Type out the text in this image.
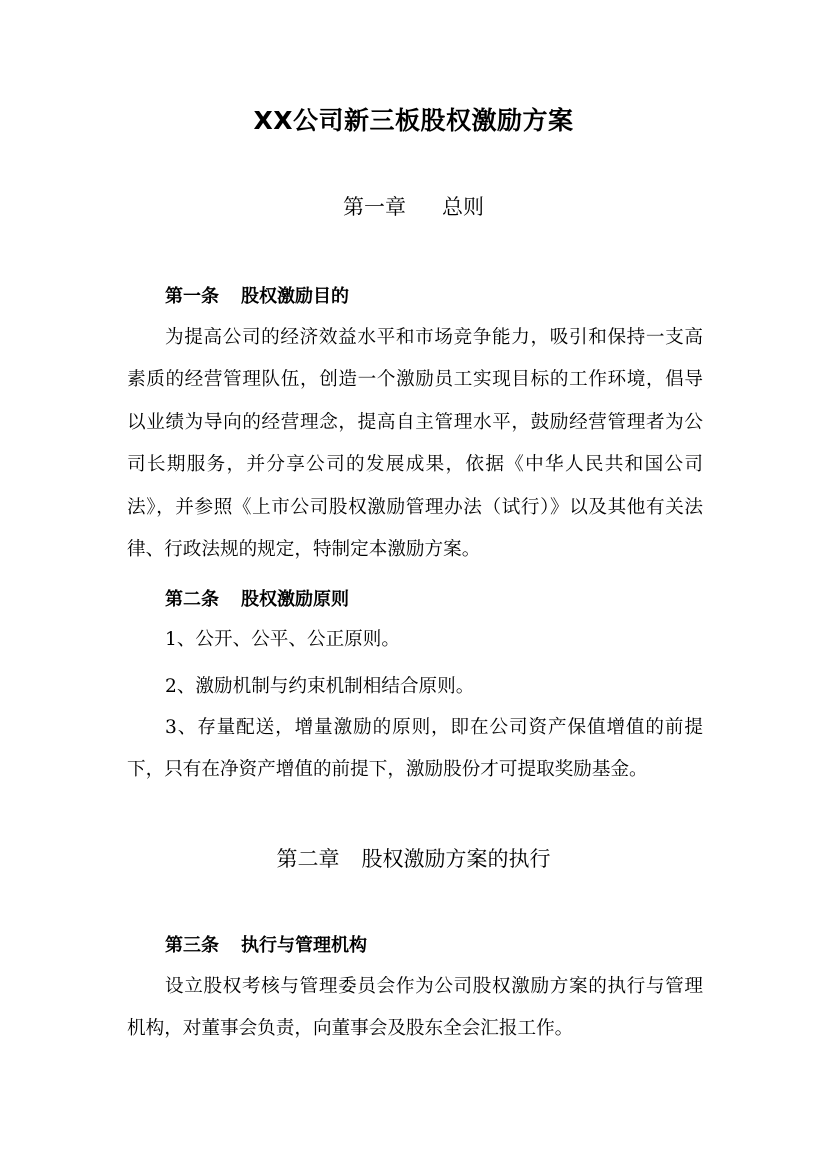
XX公司新三板股权激励方案
第一章 总则
第一条 股权激励目的
为提高公司的经济效益水平和市场竞争能力，吸引和保持一支高素质的经营管理队伍，创造一个激励员工实现目标的工作环境，倡导以业绩为导向的经营理念，提高自主管理水平，鼓励经营管理者为公司长期服务，并分享公司的发展成果，依据《中华人民共和国公司法》，并参照《上市公司股权激励管理办法（试行）》以及其他有关法律、行政法规的规定，特制定本激励方案。
第二条 股权激励原则
1、公开、公平、公正原则。
2、激励机制与约束机制相结合原则。
3、存量配送，增量激励的原则，即在公司资产保值增值的前提下，只有在净资产增值的前提下，激励股份才可提取奖励基金。
第二章 股权激励方案的执行
第三条 执行与管理机构
设立股权考核与管理委员会作为公司股权激励方案的执行与管理机构，对董事会负责，向董事会及股东全会汇报工作。
